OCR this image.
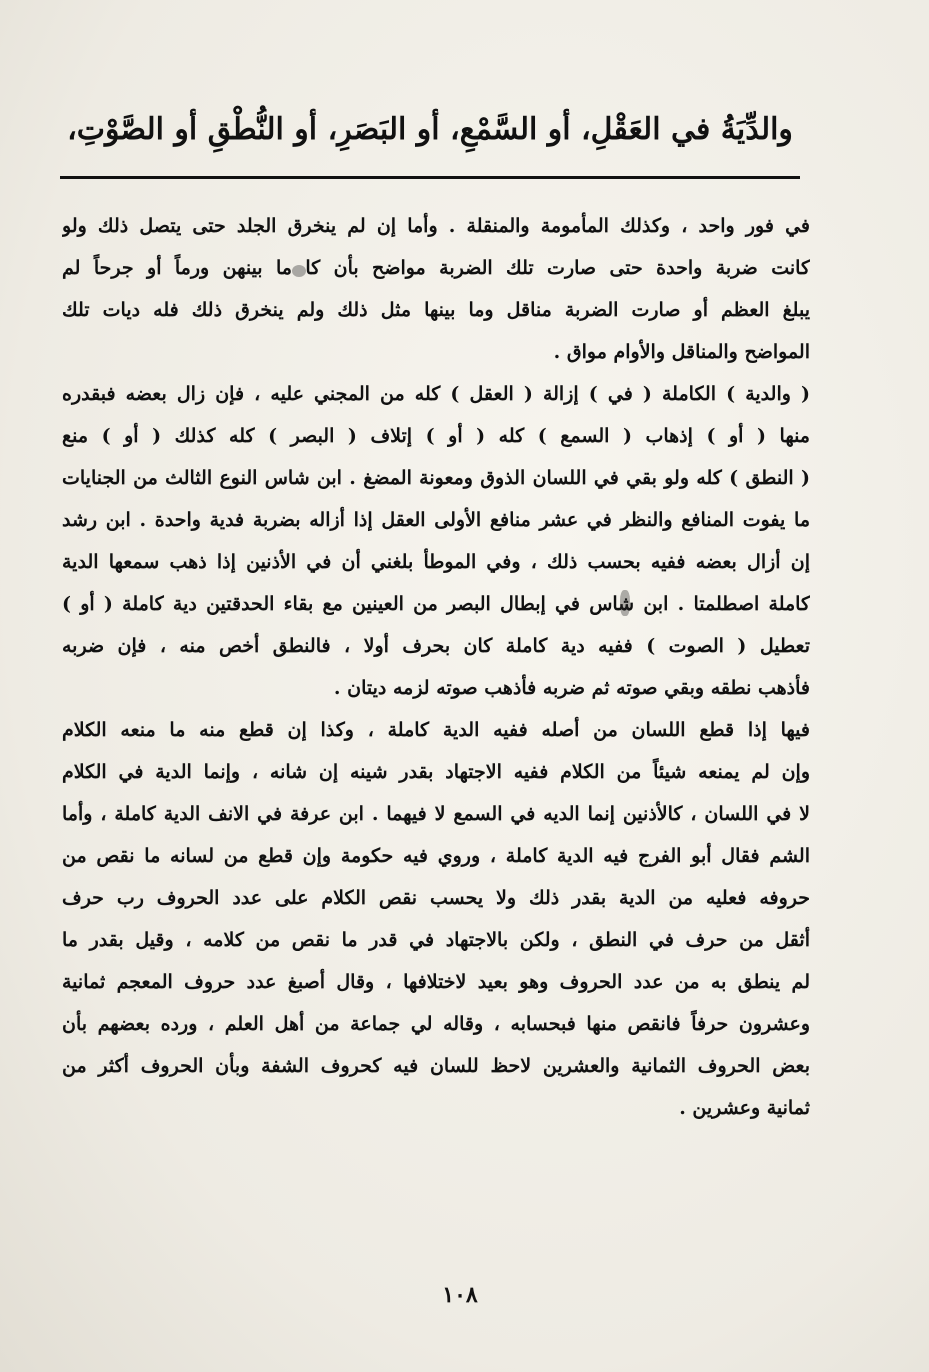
والدِّيَةُ في العَقْلِ، أو السَّمْعِ، أو البَصَرِ، أو النُّطْقِ أو الصَّوْتِ،

في فور واحد ، وكذلك المأمومة والمنقلة . وأما إن لم ينخرق الجلد حتى يتصل ذلك ولو
كانت ضربة واحدة حتى صارت تلك الضربة مواضح بأن كا ما بينهن ورماً أو جرحاً لم
يبلغ العظم أو صارت الضربة مناقل وما بينها مثل ذلك ولم ينخرق ذلك فله ديات تلك
المواضح والمناقل والأوام مواق .

( والدية ) الكاملة ( في ) إزالة ( العقل ) كله من المجني عليه ، فإن زال بعضه فبقدره
منها ( أو ) إذهاب ( السمع ) كله ( أو ) إتلاف ( البصر ) كله كذلك ( أو ) منع
( النطق ) كله ولو بقي في اللسان الذوق ومعونة المضغ . ابن شاس النوع الثالث من الجنايات
ما يفوت المنافع والنظر في عشر منافع الأولى العقل إذا أزاله بضربة فدية واحدة . ابن رشد
إن أزال بعضه ففيه بحسب ذلك ، وفي الموطأ بلغني أن في الأذنين إذا ذهب سمعها الدية
كاملة اصطلمتا . ابن شاس في إبطال البصر من العينين مع بقاء الحدقتين دية كاملة ( أو )
تعطيل ( الصوت ) ففيه دية كاملة كان بحرف أولا ، فالنطق أخص منه ، فإن ضربه
فأذهب نطقه وبقي صوته ثم ضربه فأذهب صوته لزمه ديتان .

فيها إذا قطع اللسان من أصله ففيه الدية كاملة ، وكذا إن قطع منه ما منعه الكلام
وإن لم يمنعه شيئاً من الكلام ففيه الاجتهاد بقدر شينه إن شانه ، وإنما الدية في الكلام
لا في اللسان ، كالأذنين إنما الديه في السمع لا فيهما . ابن عرفة في الانف الدية كاملة ، وأما
الشم فقال أبو الفرج فيه الدية كاملة ، وروي فيه حكومة وإن قطع من لسانه ما نقص من
حروفه فعليه من الدية بقدر ذلك ولا يحسب نقص الكلام على عدد الحروف رب حرف
أثقل من حرف في النطق ، ولكن بالاجتهاد في قدر ما نقص من كلامه ، وقيل بقدر ما
لم ينطق به من عدد الحروف وهو بعيد لاختلافها ، وقال أصبغ عدد حروف المعجم ثمانية
وعشرون حرفاً فانقص منها فبحسابه ، وقاله لي جماعة من أهل العلم ، ورده بعضهم بأن
بعض الحروف الثمانية والعشرين لاحظ للسان فيه كحروف الشفة وبأن الحروف أكثر من
ثمانية وعشرين .

١٠٨
